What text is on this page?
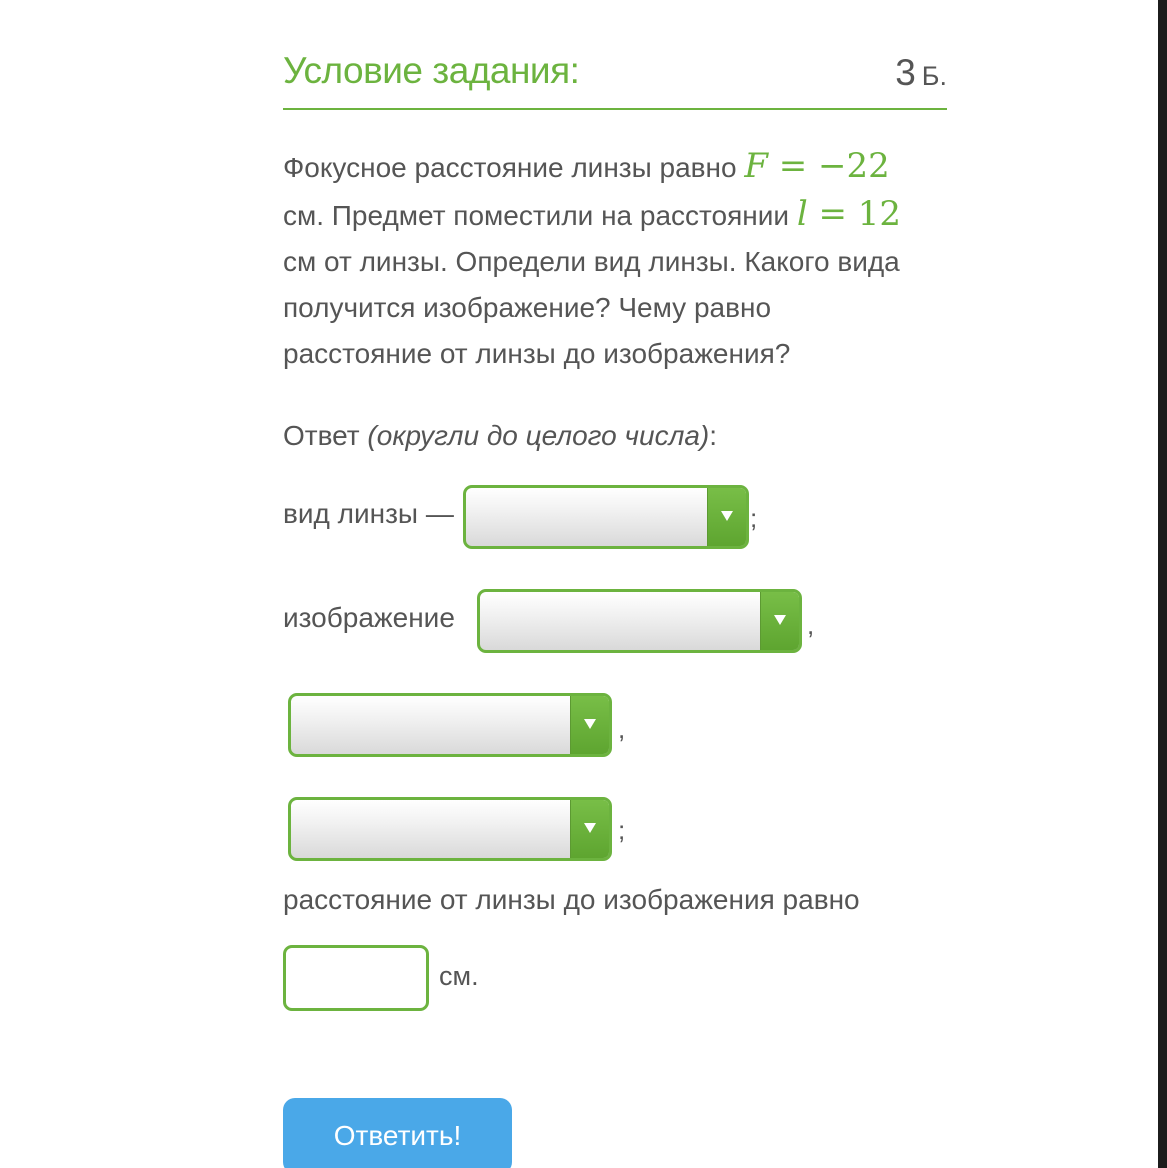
Условие задания:	3 Б.
Фокусное расстояние линзы равно F = −22
см. Предмет поместили на расстоянии l = 12
см от линзы. Определи вид линзы. Какого вида
получится изображение? Чему равно
расстояние от линзы до изображения?
Ответ (округли до целого числа):
вид линзы —	;
изображение	,
,
;
расстояние от линзы до изображения равно
см.
Ответить!
